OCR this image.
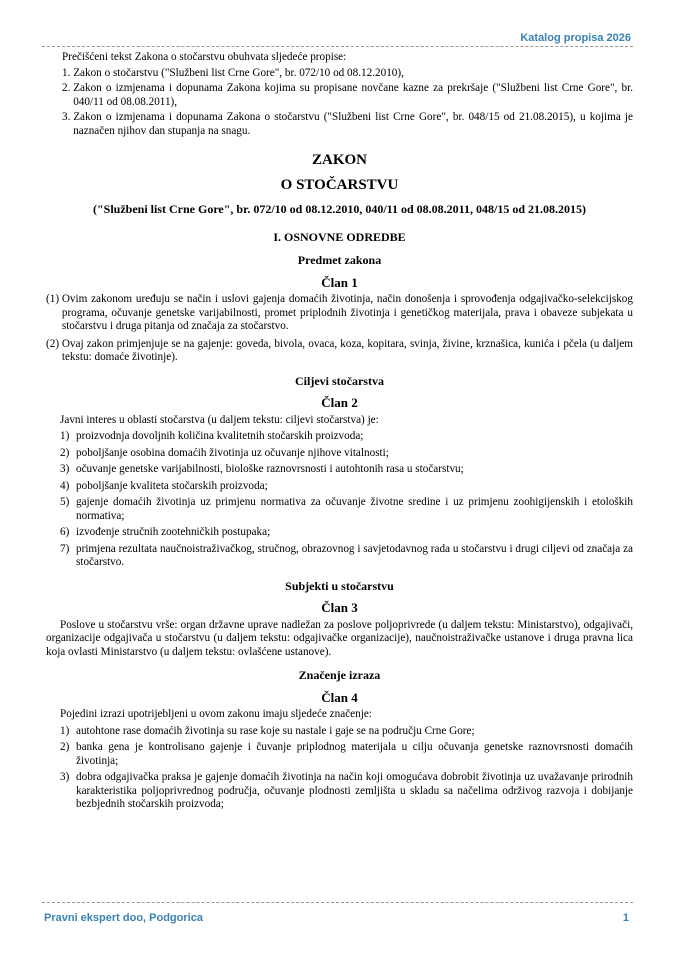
Katalog propisa 2026

Prečišćeni tekst Zakona o stočarstvu obuhvata sljedeće propise:

1. Zakon o stočarstvu ("Službeni list Crne Gore", br. 072/10 od 08.12.2010),
2. Zakon o izmjenama i dopunama Zakona kojima su propisane novčane kazne za prekršaje ("Službeni list Crne Gore", br. 040/11 od 08.08.2011),
3. Zakon o izmjenama i dopunama Zakona o stočarstvu ("Službeni list Crne Gore", br. 048/15 od 21.08.2015), u kojima je naznačen njihov dan stupanja na snagu.
ZAKON
O STOČARSTVU
("Službeni list Crne Gore", br. 072/10 od 08.12.2010, 040/11 od 08.08.2011, 048/15 od 21.08.2015)
I. OSNOVNE ODREDBE
Predmet zakona
Član 1
(1) Ovim zakonom uređuju se način i uslovi gajenja domaćih životinja, način donošenja i sprovođenja odgajivačko-selekcijskog programa, očuvanje genetske varijabilnosti, promet priplodnih životinja i genetičkog materijala, prava i obaveze subjekata u stočarstvu i druga pitanja od značaja za stočarstvo.
(2) Ovaj zakon primjenjuje se na gajenje: goveda, bivola, ovaca, koza, kopitara, svinja, živine, krznašica, kunića i pčela (u daljem tekstu: domaće životinje).
Ciljevi stočarstva
Član 2

Javni interes u oblasti stočarstva (u daljem tekstu: ciljevi stočarstva) je:

1) proizvodnja dovoljnih količina kvalitetnih stočarskih proizvoda;
2) poboljšanje osobina domaćih životinja uz očuvanje njihove vitalnosti;
3) očuvanje genetske varijabilnosti, biološke raznovrsnosti i autohtonih rasa u stočarstvu;
4) poboljšanje kvaliteta stočarskih proizvoda;
5) gajenje domaćih životinja uz primjenu normativa za očuvanje životne sredine i uz primjenu zoohigijenskih i etoloških normativa;
6) izvođenje stručnih zootehničkih postupaka;
7) primjena rezultata naučnoistraživačkog, stručnog, obrazovnog i savjetodavnog rada u stočarstvu i drugi ciljevi od značaja za stočarstvo.
Subjekti u stočarstvu
Član 3

Poslove u stočarstvu vrše: organ državne uprave nadležan za poslove poljoprivrede (u daljem tekstu: Ministarstvo), odgajivači, organizacije odgajivača u stočarstvu (u daljem tekstu: odgajivačke organizacije), naučnoistraživačke ustanove i druga pravna lica koja ovlasti Ministarstvo (u daljem tekstu: ovlašćene ustanove).

Značenje izraza
Član 4

Pojedini izrazi upotrijebljeni u ovom zakonu imaju sljedeće značenje:

1) autohtone rase domaćih životinja su rase koje su nastale i gaje se na području Crne Gore;
2) banka gena je kontrolisano gajenje i čuvanje priplodnog materijala u cilju očuvanja genetske raznovrsnosti domaćih životinja;
3) dobra odgajivačka praksa je gajenje domaćih životinja na način koji omogućava dobrobit životinja uz uvažavanje prirodnih karakteristika poljoprivrednog područja, očuvanje plodnosti zemljišta u skladu sa načelima održivog razvoja i dobijanje bezbjednih stočarskih proizvoda;
Pravni ekspert doo, Podgorica	1
